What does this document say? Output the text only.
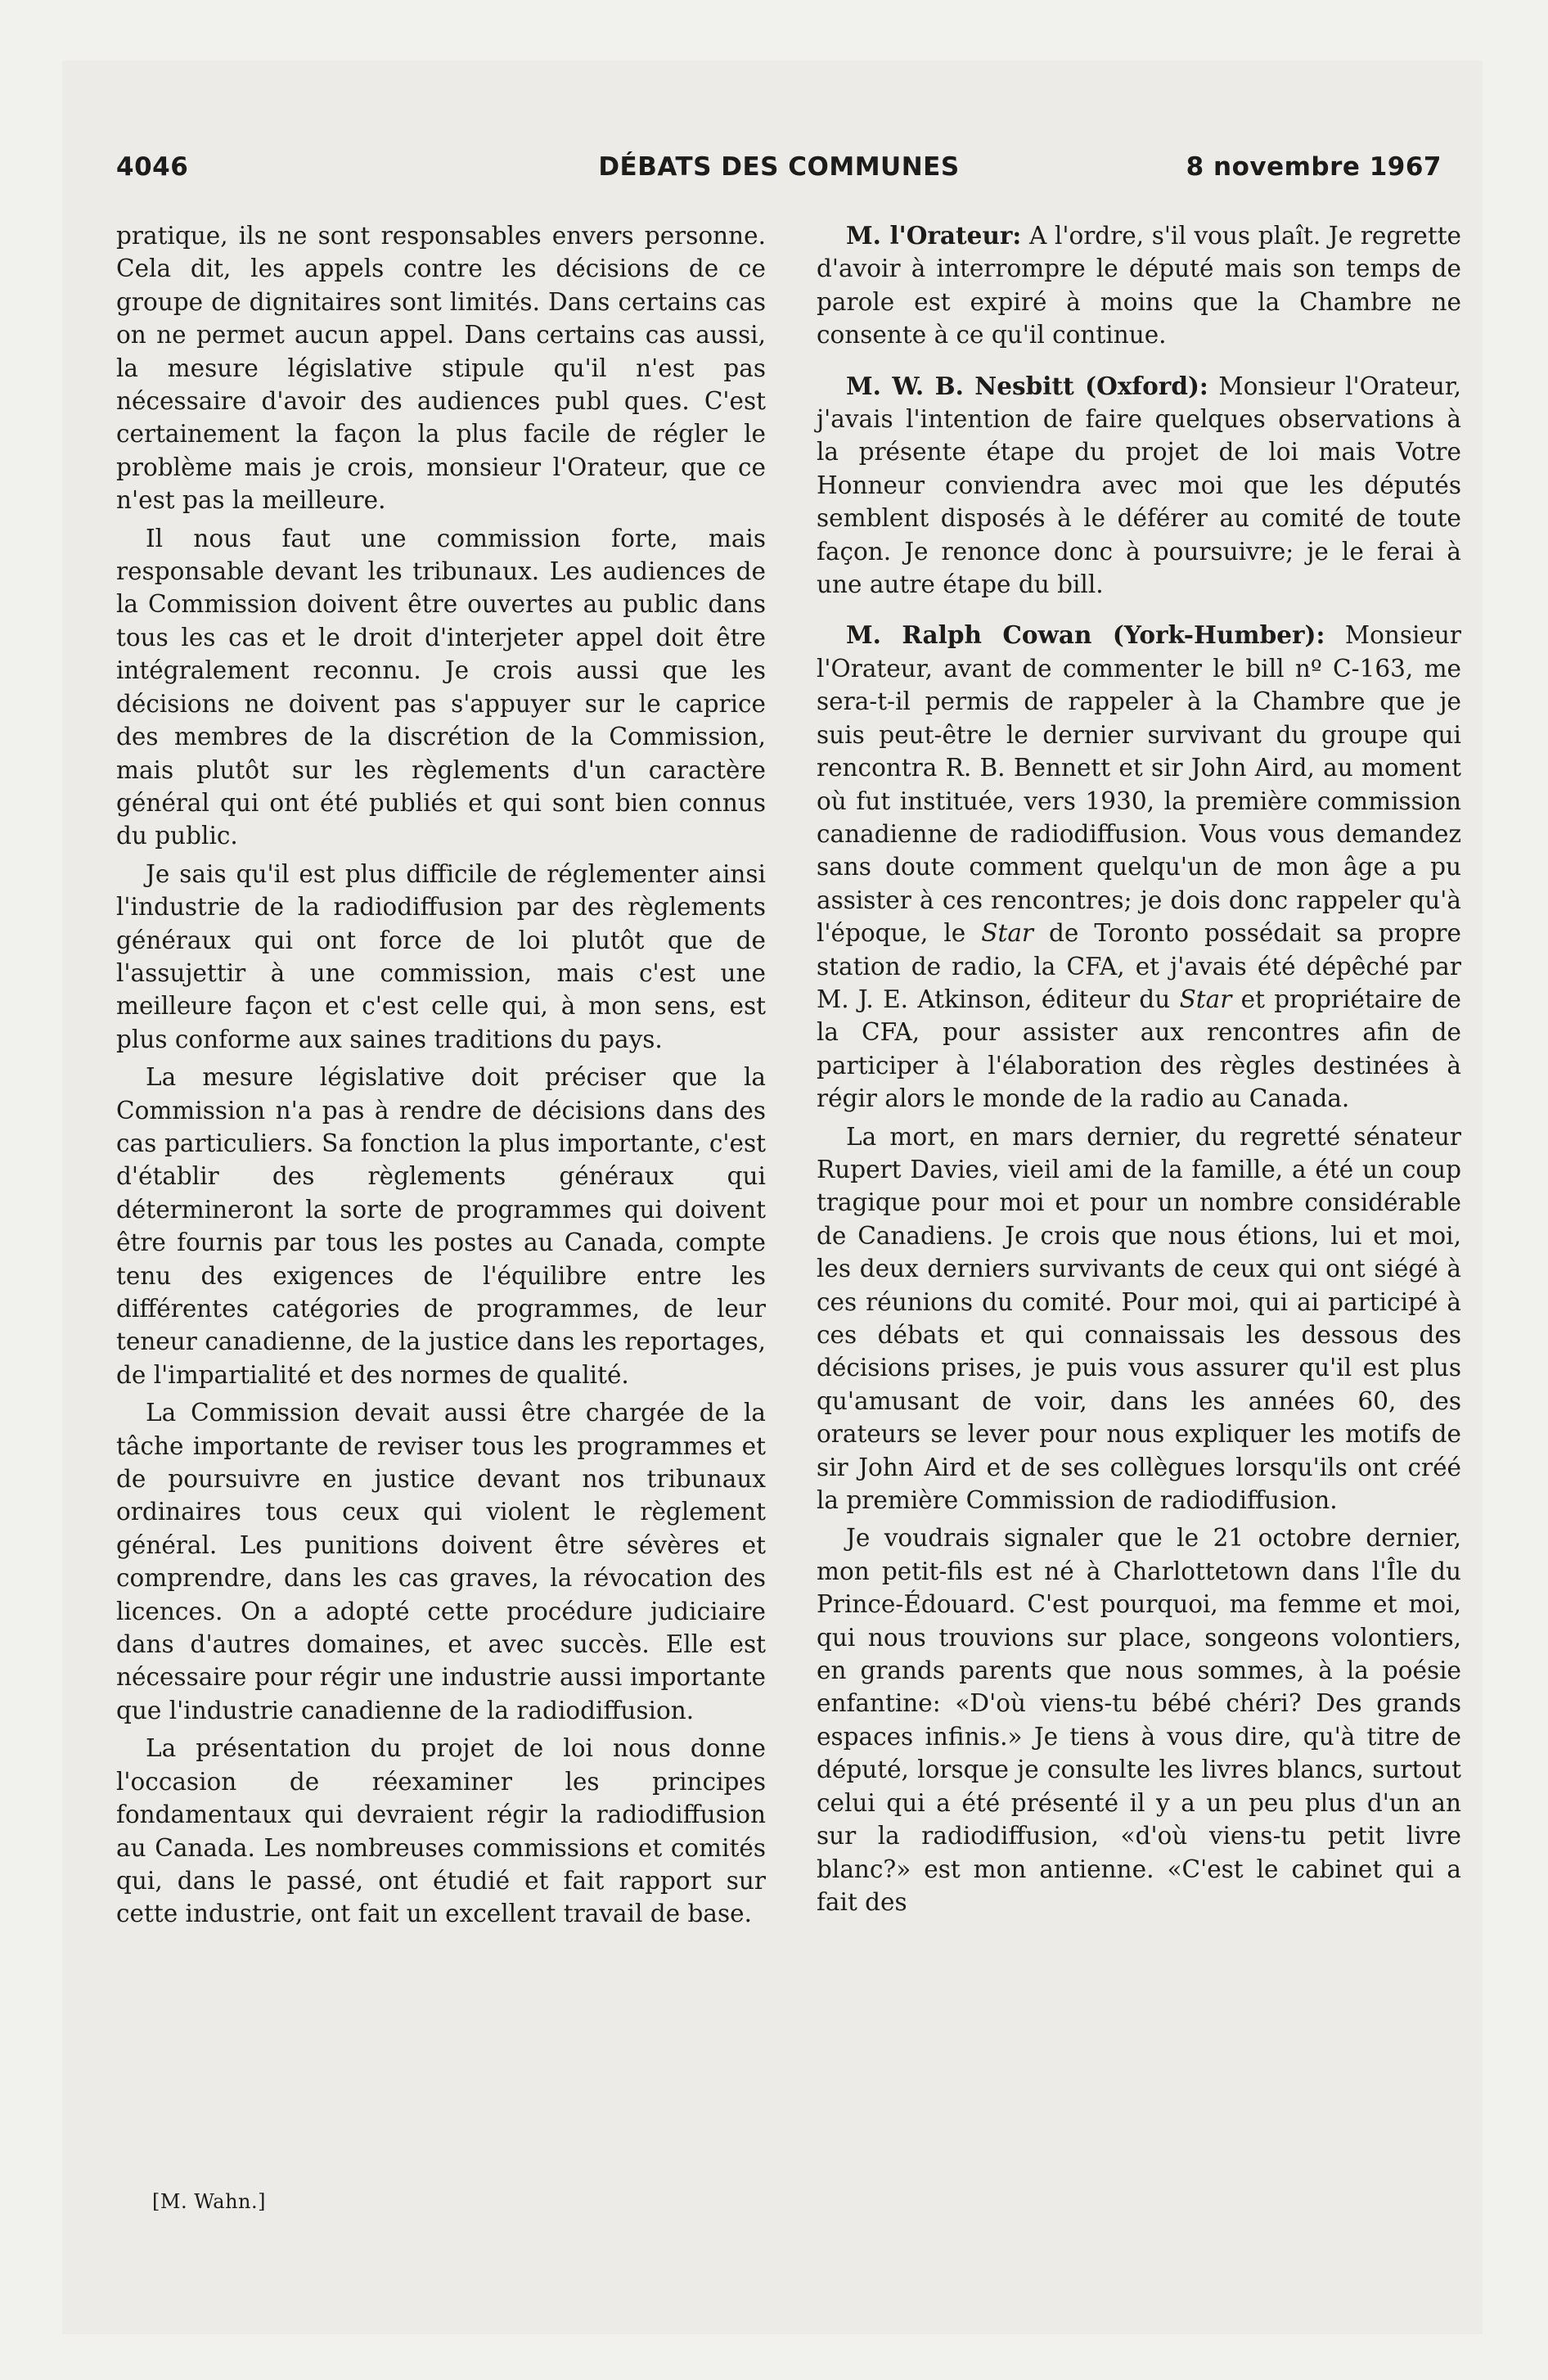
4046	DÉBATS DES COMMUNES	8 novembre 1967

pratique, ils ne sont responsables envers personne. Cela dit, les appels contre les décisions de ce groupe de dignitaires sont limités. Dans certains cas on ne permet aucun appel. Dans certains cas aussi, la mesure législative stipule qu'il n'est pas nécessaire d'avoir des audiences publ ques. C'est certainement la façon la plus facile de régler le problème mais je crois, monsieur l'Orateur, que ce n'est pas la meilleure.

Il nous faut une commission forte, mais responsable devant les tribunaux. Les audiences de la Commission doivent être ouvertes au public dans tous les cas et le droit d'interjeter appel doit être intégralement reconnu. Je crois aussi que les décisions ne doivent pas s'appuyer sur le caprice des membres de la discrétion de la Commission, mais plutôt sur les règlements d'un caractère général qui ont été publiés et qui sont bien connus du public.

Je sais qu'il est plus difficile de réglementer ainsi l'industrie de la radiodiffusion par des règlements généraux qui ont force de loi plutôt que de l'assujettir à une commission, mais c'est une meilleure façon et c'est celle qui, à mon sens, est plus conforme aux saines traditions du pays.

La mesure législative doit préciser que la Commission n'a pas à rendre de décisions dans des cas particuliers. Sa fonction la plus importante, c'est d'établir des règlements généraux qui détermineront la sorte de programmes qui doivent être fournis par tous les postes au Canada, compte tenu des exigences de l'équilibre entre les différentes catégories de programmes, de leur teneur canadienne, de la justice dans les reportages, de l'impartialité et des normes de qualité.

La Commission devait aussi être chargée de la tâche importante de reviser tous les programmes et de poursuivre en justice devant nos tribunaux ordinaires tous ceux qui violent le règlement général. Les punitions doivent être sévères et comprendre, dans les cas graves, la révocation des licences. On a adopté cette procédure judiciaire dans d'autres domaines, et avec succès. Elle est nécessaire pour régir une industrie aussi importante que l'industrie canadienne de la radiodiffusion.

La présentation du projet de loi nous donne l'occasion de réexaminer les principes fondamentaux qui devraient régir la radiodiffusion au Canada. Les nombreuses commissions et comités qui, dans le passé, ont étudié et fait rapport sur cette industrie, ont fait un excellent travail de base.

[M. Wahn.]

M. l'Orateur: A l'ordre, s'il vous plaît. Je regrette d'avoir à interrompre le député mais son temps de parole est expiré à moins que la Chambre ne consente à ce qu'il continue.

M. W. B. Nesbitt (Oxford): Monsieur l'Orateur, j'avais l'intention de faire quelques observations à la présente étape du projet de loi mais Votre Honneur conviendra avec moi que les députés semblent disposés à le déférer au comité de toute façon. Je renonce donc à poursuivre; je le ferai à une autre étape du bill.

M. Ralph Cowan (York-Humber): Monsieur l'Orateur, avant de commenter le bill nº C-163, me sera-t-il permis de rappeler à la Chambre que je suis peut-être le dernier survivant du groupe qui rencontra R. B. Bennett et sir John Aird, au moment où fut instituée, vers 1930, la première commission canadienne de radiodiffusion. Vous vous demandez sans doute comment quelqu'un de mon âge a pu assister à ces rencontres; je dois donc rappeler qu'à l'époque, le Star de Toronto possédait sa propre station de radio, la CFA, et j'avais été dépêché par M. J. E. Atkinson, éditeur du Star et propriétaire de la CFA, pour assister aux rencontres afin de participer à l'élaboration des règles destinées à régir alors le monde de la radio au Canada.

La mort, en mars dernier, du regretté sénateur Rupert Davies, vieil ami de la famille, a été un coup tragique pour moi et pour un nombre considérable de Canadiens. Je crois que nous étions, lui et moi, les deux derniers survivants de ceux qui ont siégé à ces réunions du comité. Pour moi, qui ai participé à ces débats et qui connaissais les dessous des décisions prises, je puis vous assurer qu'il est plus qu'amusant de voir, dans les années 60, des orateurs se lever pour nous expliquer les motifs de sir John Aird et de ses collègues lorsqu'ils ont créé la première Commission de radiodiffusion.

Je voudrais signaler que le 21 octobre dernier, mon petit-fils est né à Charlottetown dans l'Île du Prince-Édouard. C'est pourquoi, ma femme et moi, qui nous trouvions sur place, songeons volontiers, en grands parents que nous sommes, à la poésie enfantine: «D'où viens-tu bébé chéri? Des grands espaces infinis.» Je tiens à vous dire, qu'à titre de député, lorsque je consulte les livres blancs, surtout celui qui a été présenté il y a un peu plus d'un an sur la radiodiffusion, «d'où viens-tu petit livre blanc?» est mon antienne. «C'est le cabinet qui a fait des
